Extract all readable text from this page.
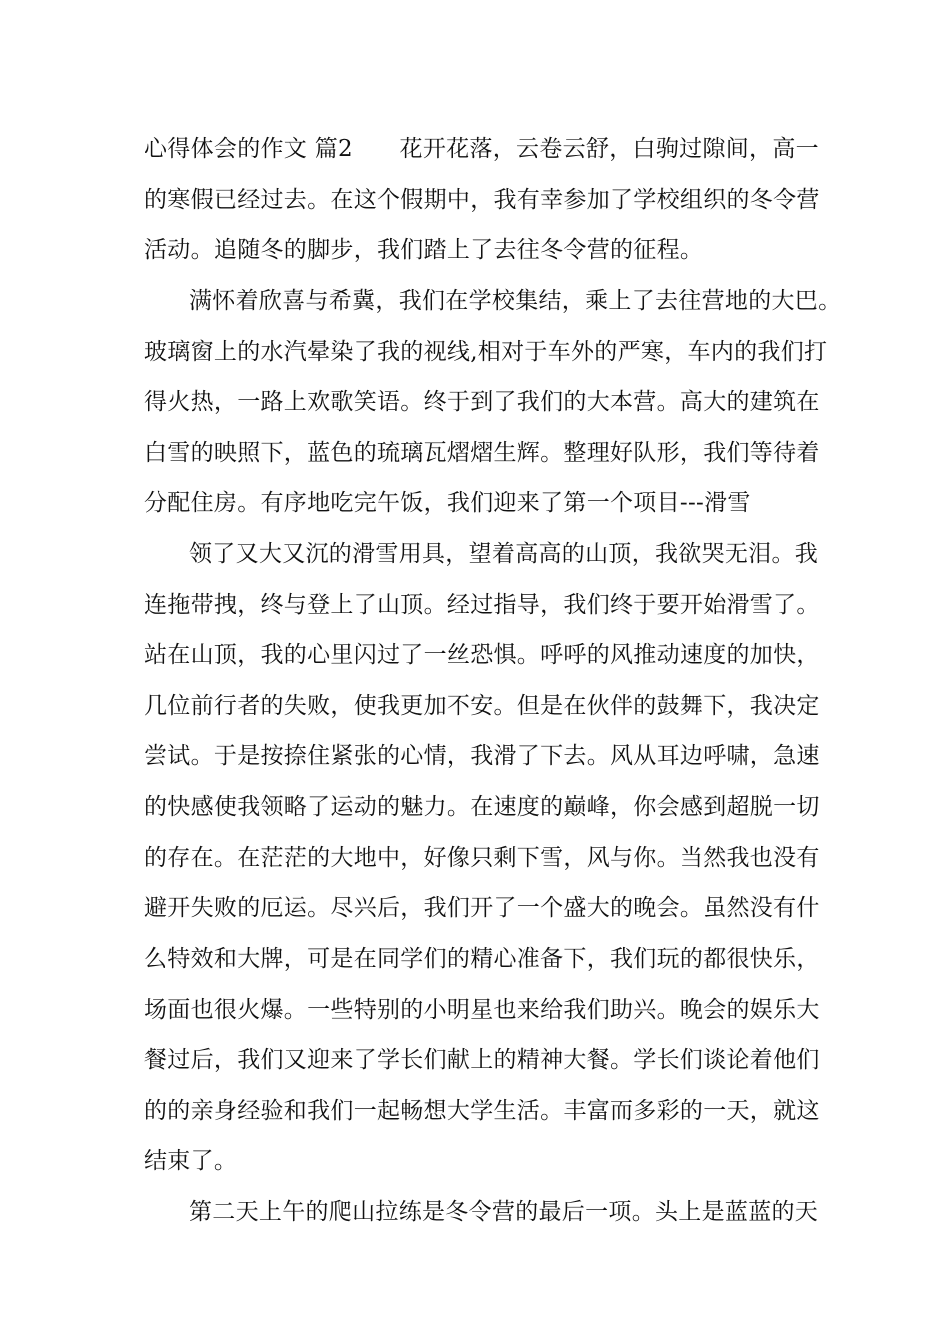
心得体会的作文 篇2　　花开花落，云卷云舒，白驹过隙间，高一
的寒假已经过去。在这个假期中，我有幸参加了学校组织的冬令营
活动。追随冬的脚步，我们踏上了去往冬令营的征程。
满怀着欣喜与希冀，我们在学校集结，乘上了去往营地的大巴。
玻璃窗上的水汽晕染了我的视线,相对于车外的严寒，车内的我们打
得火热，一路上欢歌笑语。终于到了我们的大本营。高大的建筑在
白雪的映照下，蓝色的琉璃瓦熠熠生辉。整理好队形，我们等待着
分配住房。有序地吃完午饭，我们迎来了第一个项目---滑雪
领了又大又沉的滑雪用具，望着高高的山顶，我欲哭无泪。我
连拖带拽，终与登上了山顶。经过指导，我们终于要开始滑雪了。
站在山顶，我的心里闪过了一丝恐惧。呼呼的风推动速度的加快，
几位前行者的失败，使我更加不安。但是在伙伴的鼓舞下，我决定
尝试。于是按捺住紧张的心情，我滑了下去。风从耳边呼啸，急速
的快感使我领略了运动的魅力。在速度的巅峰，你会感到超脱一切
的存在。在茫茫的大地中，好像只剩下雪，风与你。当然我也没有
避开失败的厄运。尽兴后，我们开了一个盛大的晚会。虽然没有什
么特效和大牌，可是在同学们的精心准备下，我们玩的都很快乐，
场面也很火爆。一些特别的小明星也来给我们助兴。晚会的娱乐大
餐过后，我们又迎来了学长们献上的精神大餐。学长们谈论着他们
的的亲身经验和我们一起畅想大学生活。丰富而多彩的一天，就这
结束了。
第二天上午的爬山拉练是冬令营的最后一项。头上是蓝蓝的天
